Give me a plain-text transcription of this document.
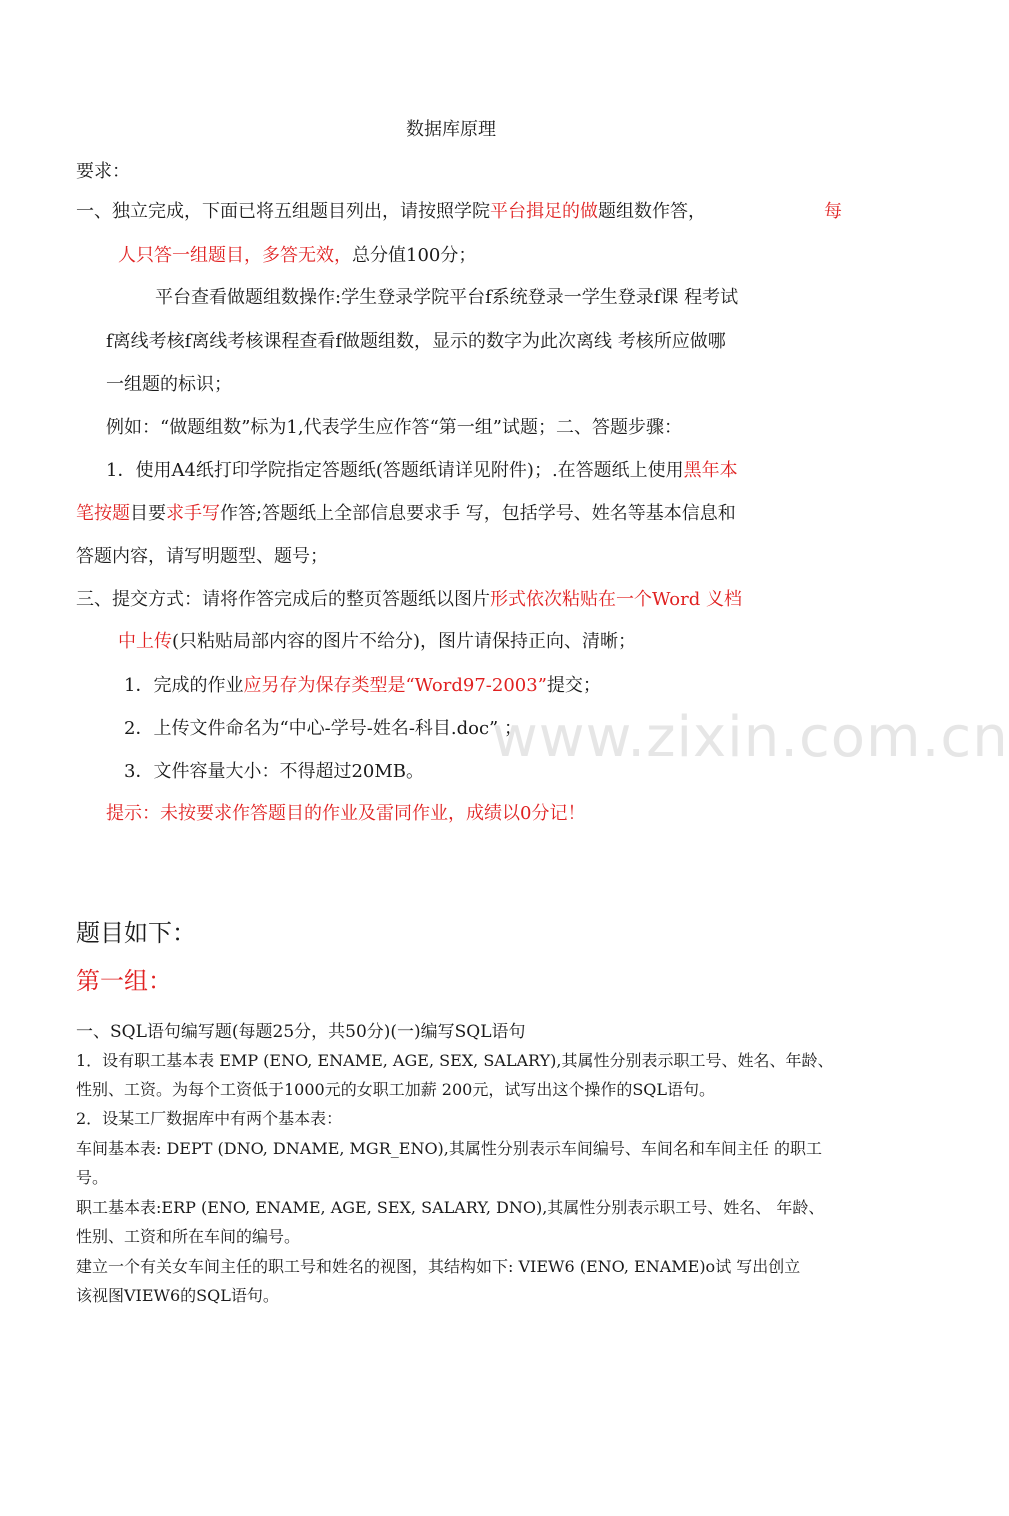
www.zixin.com.cn
数据库原理
要求：
一、独立完成，下面已将五组题目列出，请按照学院平台揖足的做题组数作答，	每
人只答一组题目，多答无效，总分值100分；
平台查看做题组数操作:学生登录学院平台f系统登录一学生登录f课 程考试
f离线考核f离线考核课程查看f做题组数，显示的数字为此次离线 考核所应做哪
一组题的标识；
例如：“做题组数”标为1,代表学生应作答“第一组”试题；二、答题步骤：
1．使用A4纸打印学院指定答题纸(答题纸请详见附件)；.在答题纸上使用黑年本
笔按题目要求手写作答;答题纸上全部信息要求手 写，包括学号、姓名等基本信息和
答题内容，请写明题型、题号；
三、提交方式：请将作答完成后的整页答题纸以图片形式依次粘贴在一个Word 义档
中上传(只粘贴局部内容的图片不给分)，图片请保持正向、清晰；
1．完成的作业应另存为保存类型是“Word97-2003”提交；
2．上传文件命名为“中心-学号-姓名-科目.doc” ；
3．文件容量大小：不得超过20MB。
提示：未按要求作答题目的作业及雷同作业，成绩以0分记！
题目如下：
第一组：
一、SQL语句编写题(每题25分，共50分)(一)编写SQL语句
1．设有职工基本表 EMP (ENO, ENAME, AGE, SEX, SALARY),其属性分别表示职工号、姓名、年龄、
性别、工资。为每个工资低于1000元的女职工加薪 200元，试写出这个操作的SQL语句。
2．设某工厂数据库中有两个基本表：
车间基本表: DEPT (DNO, DNAME, MGR_ENO),其属性分别表示车间编号、车间名和车间主任 的职工
号。
职工基本表:ERP (ENO, ENAME, AGE, SEX, SALARY, DNO),其属性分别表示职工号、姓名、 年龄、
性别、工资和所在车间的编号。
建立一个有关女车间主任的职工号和姓名的视图，其结构如下: VIEW6 (ENO, ENAME)o试 写出创立
该视图VIEW6的SQL语句。
